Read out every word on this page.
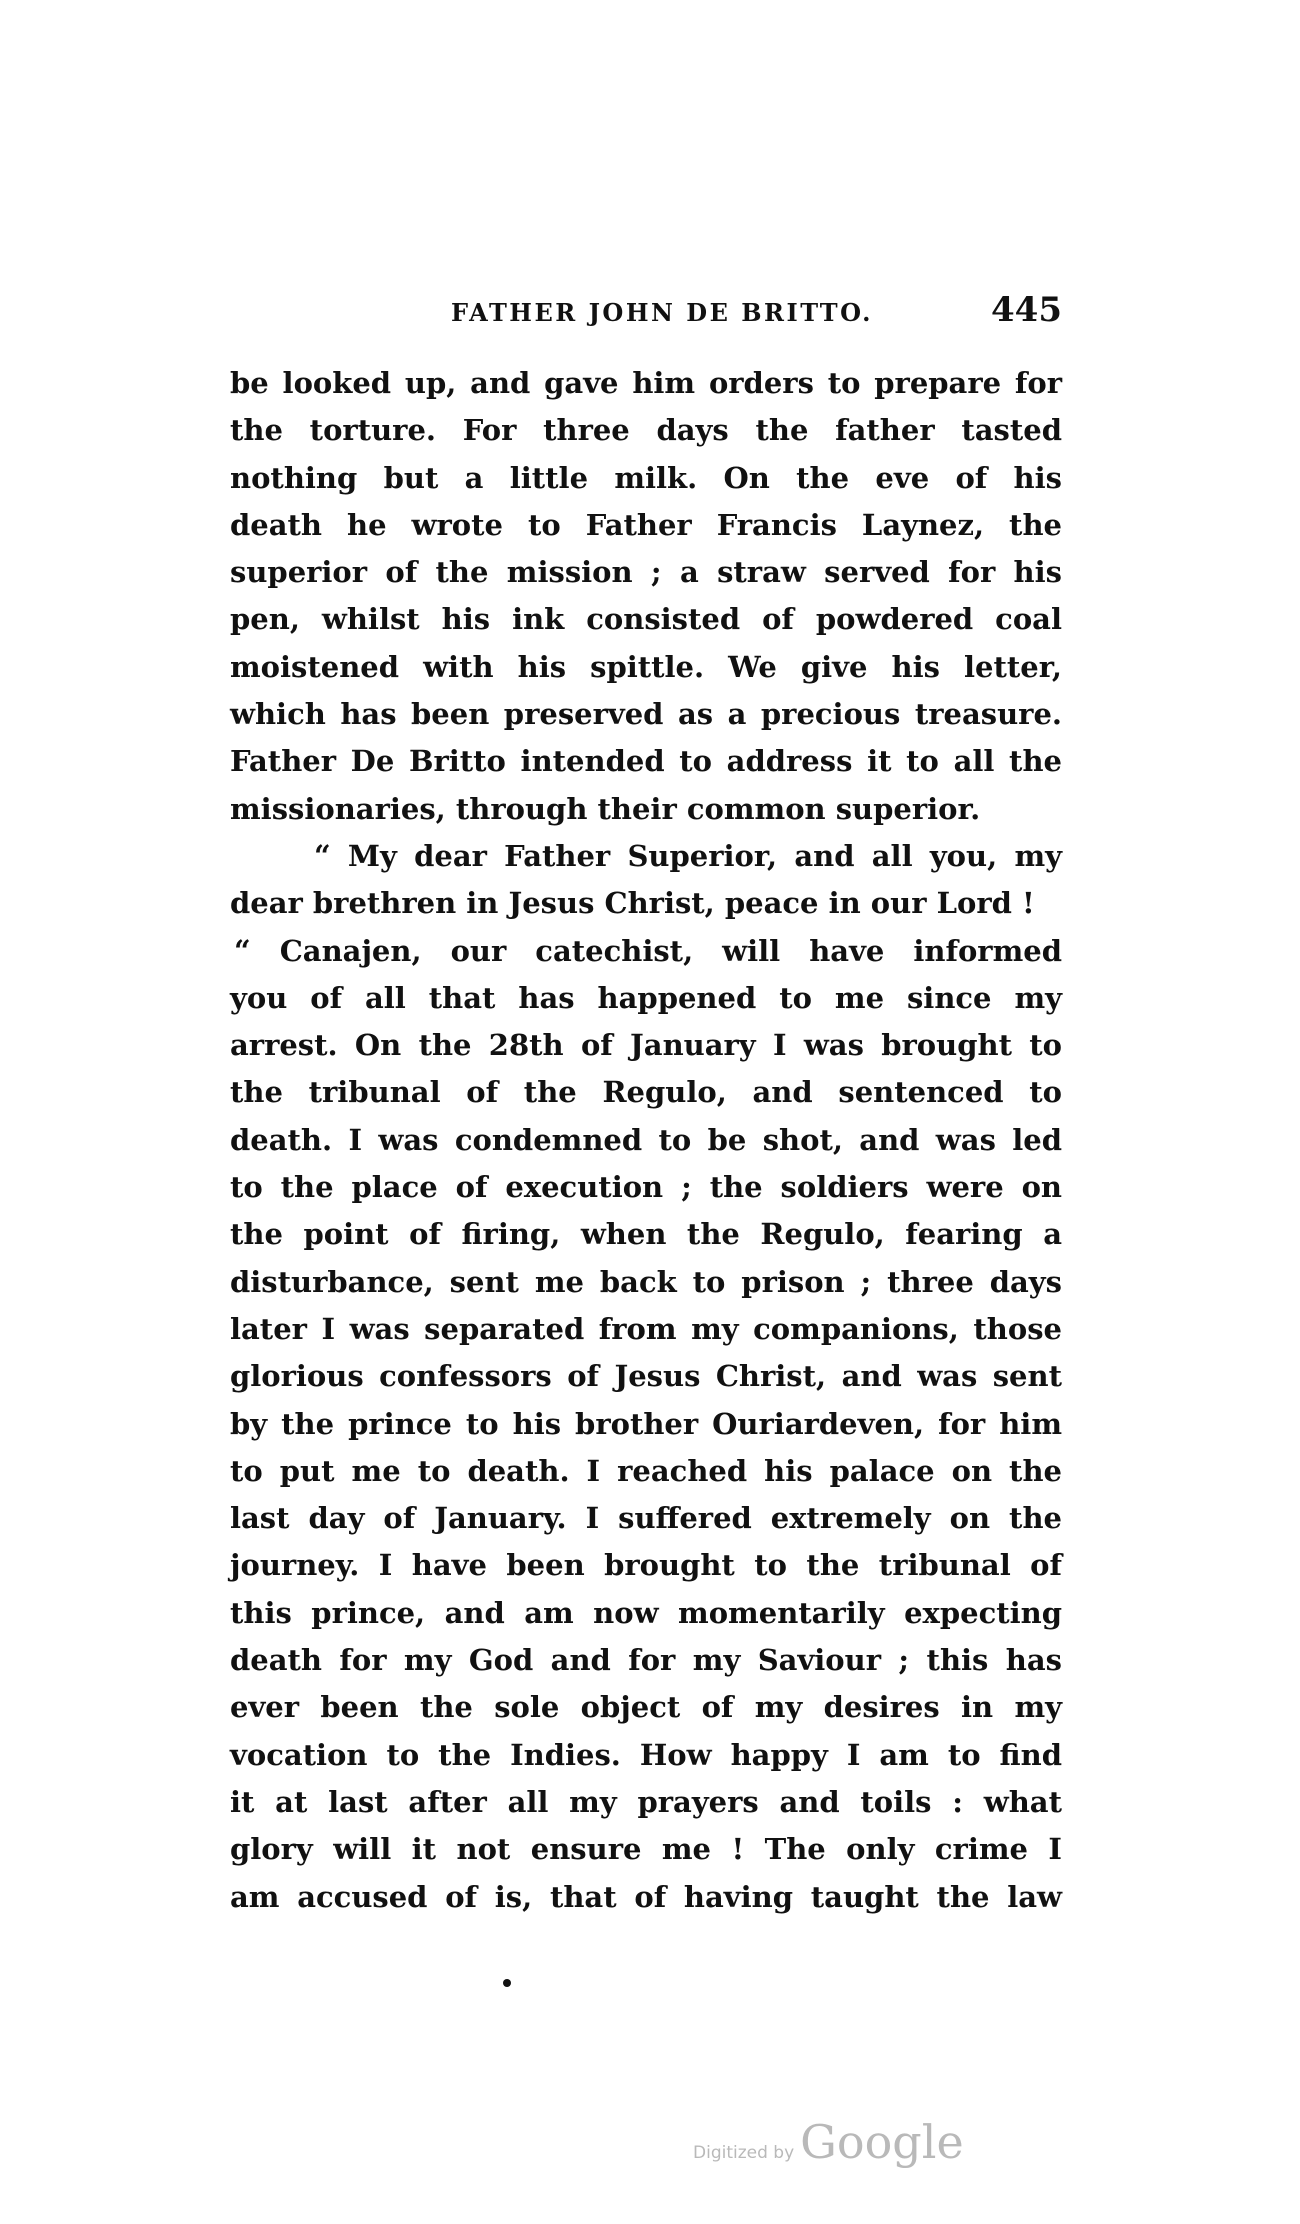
FATHER JOHN DE BRITTO.	445
be looked up, and gave him orders to prepare for
the torture. For three days the father tasted
nothing but a little milk. On the eve of his
death he wrote to Father Francis Laynez, the
superior of the mission ; a straw served for his
pen, whilst his ink consisted of powdered coal
moistened with his spittle. We give his letter,
which has been preserved as a precious treasure.
Father De Britto intended to address it to all the
missionaries, through their common superior.
“ My dear Father Superior, and all you, my
dear brethren in Jesus Christ, peace in our Lord !
“ Canajen, our catechist, will have informed
you of all that has happened to me since my
arrest. On the 28th of January I was brought to
the tribunal of the Regulo, and sentenced to
death. I was condemned to be shot, and was led
to the place of execution ; the soldiers were on
the point of firing, when the Regulo, fearing a
disturbance, sent me back to prison ; three days
later I was separated from my companions, those
glorious confessors of Jesus Christ, and was sent
by the prince to his brother Ouriardeven, for him
to put me to death. I reached his palace on the
last day of January. I suffered extremely on the
journey. I have been brought to the tribunal of
this prince, and am now momentarily expecting
death for my God and for my Saviour ; this has
ever been the sole object of my desires in my
vocation to the Indies. How happy I am to find
it at last after all my prayers and toils : what
glory will it not ensure me ! The only crime I
am accused of is, that of having taught the law
Digitized by Google
